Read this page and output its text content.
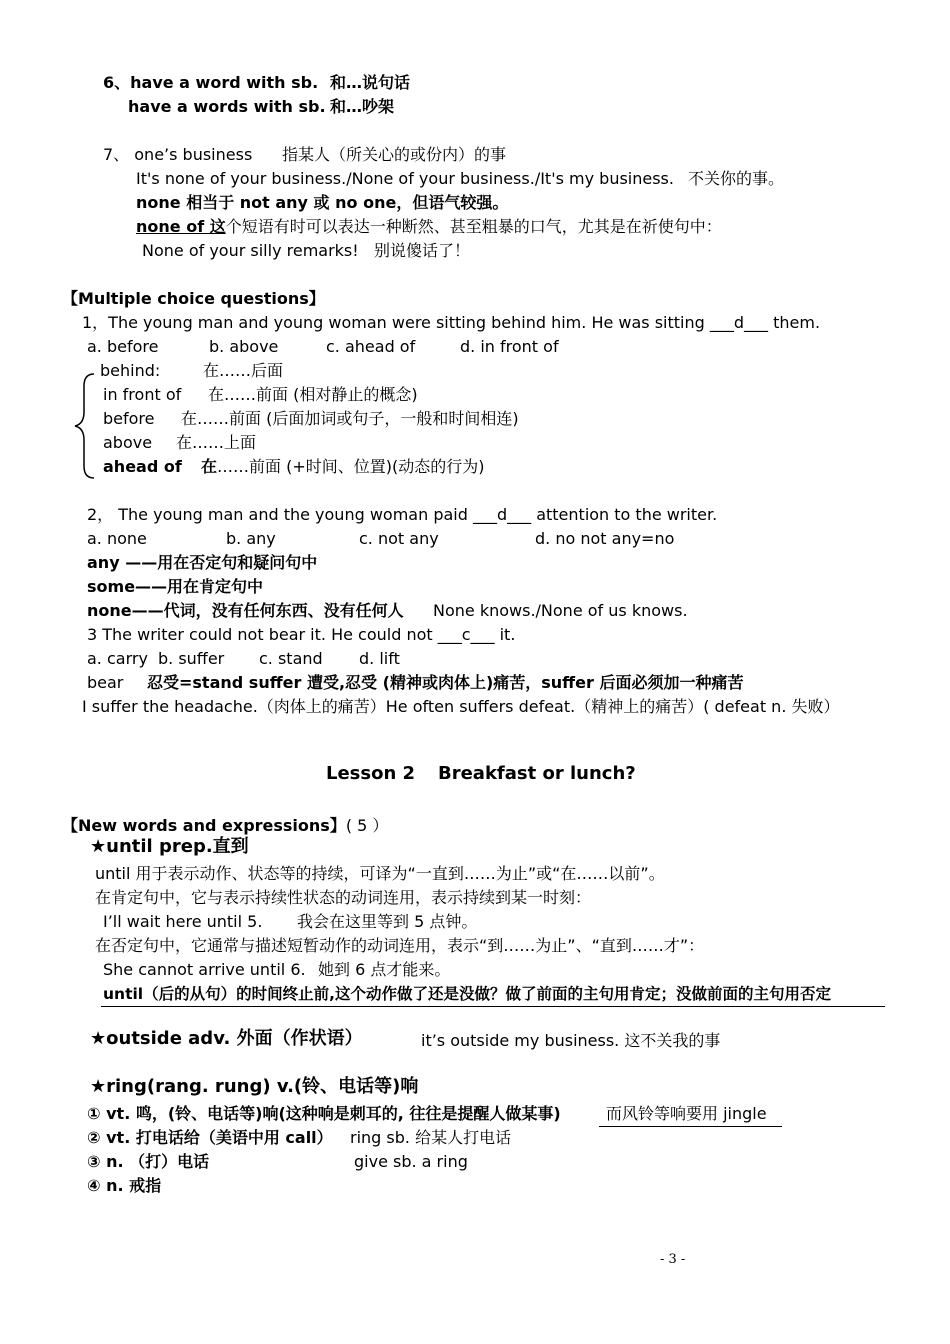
6、have a word with sb. 和…说句话
have a words with sb. 和…吵架
7、 one’s business 指某人（所关心的或份内）的事
It's none of your business./None of your business./It's my business. 不关你的事。
none 相当于 not any 或 no one，但语气较强。
none of 这个短语有时可以表达一种断然、甚至粗暴的口气，尤其是在祈使句中：
None of your silly remarks! 别说傻话了！
【Multiple choice questions】
1，The young man and young woman were sitting behind him. He was sitting ___d___ them.
a. before	b. above	c. ahead of	d. in front of
behind:	在……后面
in front of 在……前面 (相对静止的概念)
before 在……前面 (后面加词或句子，一般和时间相连)
above 在……上面
ahead of 在……前面 (+时间、位置)(动态的行为)
2， The young man and the young woman paid ___d___ attention to the writer.
a. none	b. any	c. not any	d. no not any=no
any ——用在否定句和疑问句中
some——用在肯定句中
none——代词，没有任何东西、没有任何人 None knows./None of us knows.
3 The writer could not bear it. He could not ___c___ it.
a. carry b. suffer c. stand d. lift
bear 忍受=stand suffer 遭受,忍受 (精神或肉体上)痛苦，suffer 后面必须加一种痛苦
I suffer the headache.（肉体上的痛苦）He often suffers defeat.（精神上的痛苦）( defeat n. 失败）
Lesson 2 Breakfast or lunch?
【New words and expressions】( 5 ）
★until prep.直到
until 用于表示动作、状态等的持续，可译为“一直到……为止”或“在……以前”。
在肯定句中，它与表示持续性状态的动词连用，表示持续到某一时刻：
I’ll wait here until 5. 我会在这里等到 5 点钟。
在否定句中，它通常与描述短暂动作的动词连用，表示“到……为止”、“直到……才”：
She cannot arrive until 6. 她到 6 点才能来。
until（后的从句）的时间终止前,这个动作做了还是没做？做了前面的主句用肯定；没做前面的主句用否定
★outside adv. 外面（作状语）	it’s outside my business. 这不关我的事
★ring(rang. rung) v.(铃、电话等)响
① vt. 鸣，(铃、电话等)响(这种响是刺耳的, 往往是提醒人做某事)	而风铃等响要用 jingle
② vt. 打电话给（美语中用 call） ring sb. 给某人打电话
③ n. （打）电话	give sb. a ring
④ n. 戒指
- 3 -
